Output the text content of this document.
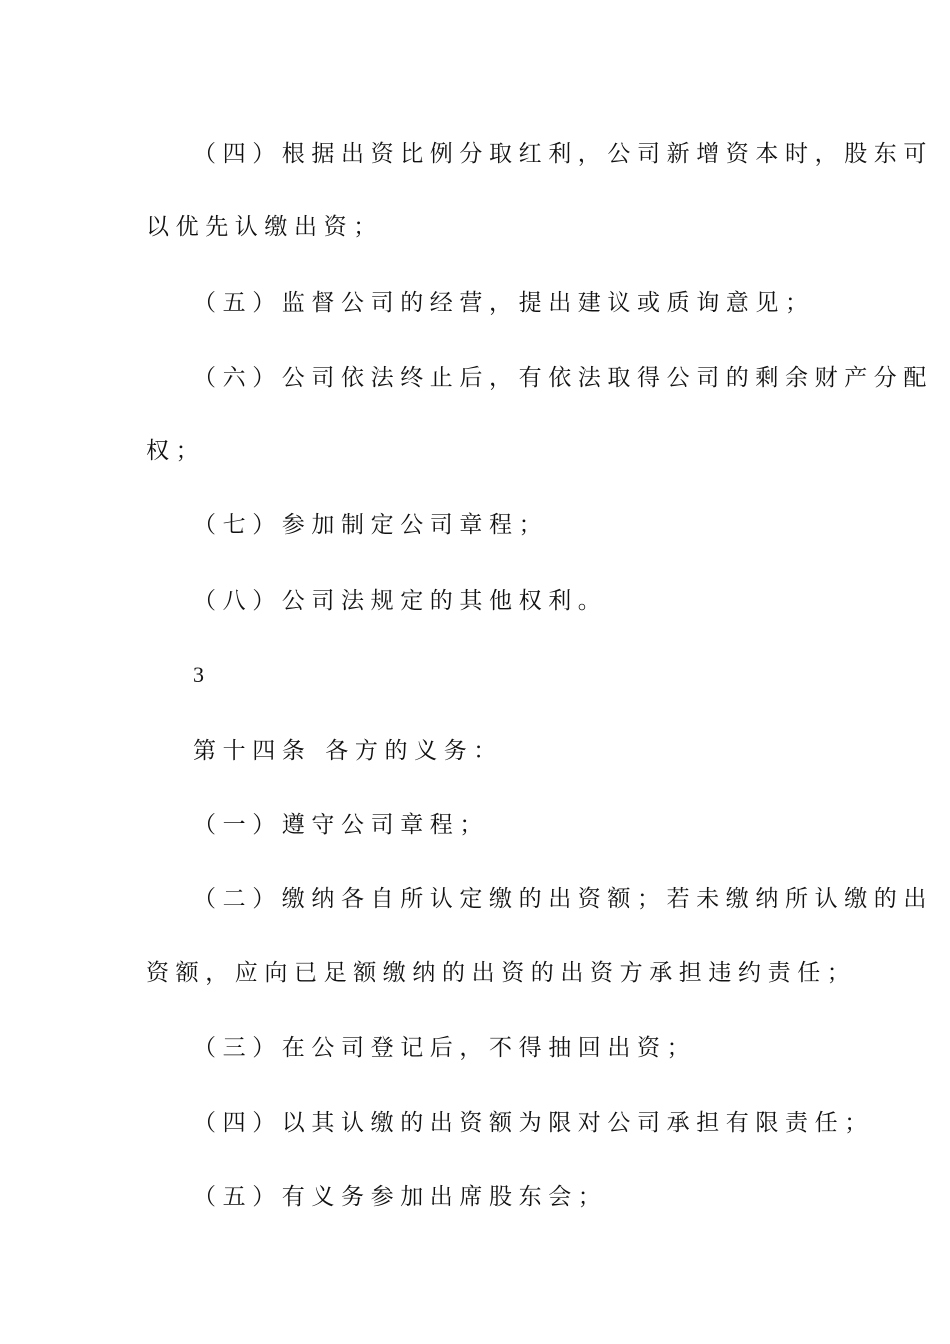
（四）根据出资比例分取红利，公司新增资本时，股东可
以优先认缴出资；
（五）监督公司的经营，提出建议或质询意见；
（六）公司依法终止后，有依法取得公司的剩余财产分配
权；
（七）参加制定公司章程；
（八）公司法规定的其他权利。
3
第十四条 各方的义务：
（一）遵守公司章程；
（二）缴纳各自所认定缴的出资额；若未缴纳所认缴的出
资额，应向已足额缴纳的出资的出资方承担违约责任；
（三）在公司登记后，不得抽回出资；
（四）以其认缴的出资额为限对公司承担有限责任；
（五）有义务参加出席股东会；
